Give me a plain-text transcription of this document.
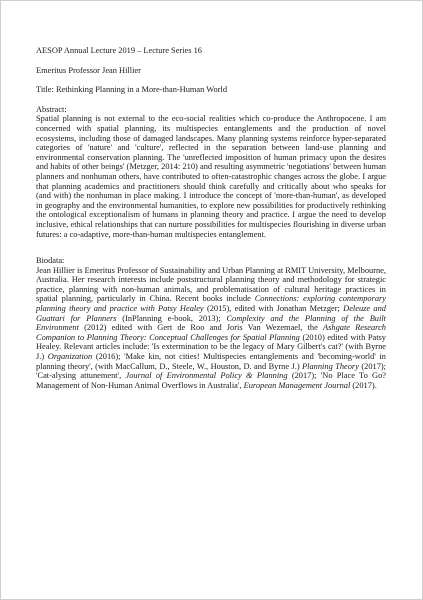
AESOP Annual Lecture 2019 – Lecture Series 16

Emeritus Professor Jean Hillier

Title: Rethinking Planning in a More-than-Human World

Abstract:

Spatial planning is not external to the eco-social realities which co-produce the Anthropocene. I am concerned with spatial planning, its multispecies entanglements and the production of novel ecosystems, including those of damaged landscapes. Many planning systems reinforce hyper-separated categories of 'nature' and 'culture', reflected in the separation between land-use planning and environmental conservation planning. The 'unreflected imposition of human primacy upon the desires and habits of other beings' (Metzger, 2014: 210) and resulting asymmetric 'negotiations' between human planners and nonhuman others, have contributed to often-catastrophic changes across the globe. I argue that planning academics and practitioners should think carefully and critically about who speaks for (and with) the nonhuman in place making. I introduce the concept of 'more-than-human', as developed in geography and the environmental humanities, to explore new possibilities for productively rethinking the ontological exceptionalism of humans in planning theory and practice. I argue the need to develop inclusive, ethical relationships that can nurture possibilities for multispecies flourishing in diverse urban futures: a co-adaptive, more-than-human multispecies entanglement.

Biodata:

Jean Hillier is Emeritus Professor of Sustainability and Urban Planning at RMIT University, Melbourne, Australia. Her research interests include poststructural planning theory and methodology for strategic practice, planning with non-human animals, and problematisation of cultural heritage practices in spatial planning, particularly in China. Recent books include Connections: exploring contemporary planning theory and practice with Patsy Healey (2015), edited with Jonathan Metzger; Deleuze and Guattari for Planners (InPlanning e-book, 2013); Complexity and the Planning of the Built Environment (2012) edited with Gert de Roo and Joris Van Wezemael, the Ashgate Research Companion to Planning Theory: Conceptual Challenges for Spatial Planning (2010) edited with Patsy Healey. Relevant articles include: 'Is extermination to be the legacy of Mary Gilbert's cat?' (with Byrne J.) Organization (2016); 'Make kin, not cities! Multispecies entanglements and 'becoming-world' in planning theory', (with MacCallum, D., Steele, W., Houston, D. and Byrne J.) Planning Theory (2017); 'Cat-alysing attunement', Journal of Environmental Policy & Planning (2017); 'No Place To Go? Management of Non-Human Animal Overflows in Australia', European Management Journal (2017).
